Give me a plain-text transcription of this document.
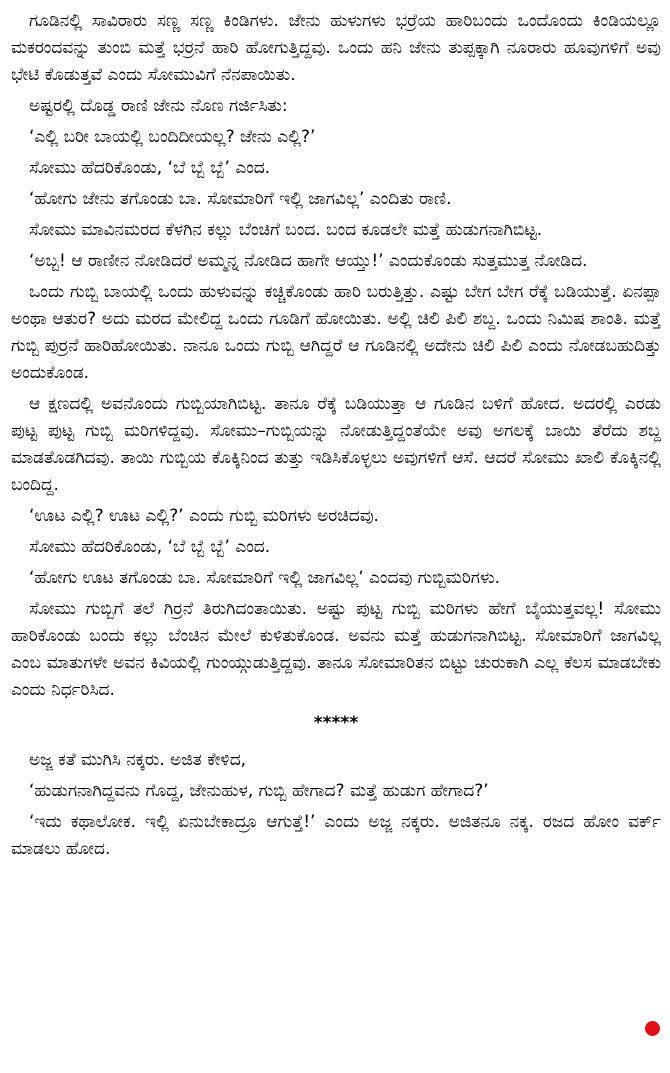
ಗೂಡಿನಲ್ಲಿ ಸಾವಿರಾರು ಸಣ್ಣ ಸಣ್ಣ ಕಿಂಡಿಗಳು. ಜೇನು ಹುಳುಗಳು ಭರ್ರೆಯ ಹಾರಿಬಂದು ಒಂದೊಂದು ಕಿಂಡಿಯಲ್ಲೂ ಮಕರಂದವನ್ನು ತುಂಬಿ ಮತ್ತೆ ಭರ್ರನೆ ಹಾರಿ ಹೋಗುತ್ತಿದ್ದವು. ಒಂದು ಹನಿ ಜೇನು ತುಪ್ಪಕ್ಕಾಗಿ ನೂರಾರು ಹೂವುಗಳಿಗೆ ಅವು ಭೇಟಿ ಕೊಡುತ್ತವೆ ಎಂದು ಸೋಮುವಿಗೆ ನೆನಪಾಯಿತು.

ಅಷ್ಟರಲ್ಲಿ ದೊಡ್ಡ ರಾಣಿ ಜೇನು ನೊಣ ಗರ್ಜಿಸಿತು:

‘ಎಲ್ಲಿ ಬರೀ ಬಾಯಲ್ಲಿ ಬಂದಿದೀಯಲ್ಲ? ಜೇನು ಎಲ್ಲಿ?’

ಸೋಮು ಹೆದರಿಕೊಂಡು, ‘ಬೆ ಬ್ಬೆ ಬ್ಬೆ’ ಎಂದ.

‘ಹೋಗು ಜೇನು ತಗೊಂಡು ಬಾ. ಸೋಮಾರಿಗೆ ಇಲ್ಲಿ ಜಾಗವಿಲ್ಲ’ ಎಂದಿತು ರಾಣಿ.

ಸೋಮು ಮಾವಿನಮರದ ಕೆಳಗಿನ ಕಲ್ಲು ಬೆಂಚಿಗೆ ಬಂದ. ಬಂದ ಕೂಡಲೇ ಮತ್ತೆ ಹುಡುಗನಾಗಿಬಿಟ್ಟ.

‘ಅಬ್ಬ! ಆ ರಾಣೀನ ನೋಡಿದರೆ ಅಮ್ಮನ್ನ ನೋಡಿದ ಹಾಗೇ ಆಯ್ತು!’ ಎಂದುಕೊಂಡು ಸುತ್ತಮುತ್ತ ನೋಡಿದ.

ಒಂದು ಗುಬ್ಬಿ ಬಾಯಲ್ಲಿ ಒಂದು ಹುಳುವನ್ನು ಕಚ್ಚಿಕೊಂಡು ಹಾರಿ ಬರುತ್ತಿತ್ತು. ಎಷ್ಟು ಬೇಗ ಬೇಗ ರೆಕ್ಕೆ ಬಡಿಯುತ್ತೆ. ಏನಪ್ಪಾ ಅಂಥಾ ಆತುರ? ಅದು ಮರದ ಮೇಲಿದ್ದ ಒಂದು ಗೂಡಿಗೆ ಹೋಯಿತು. ಅಲ್ಲಿ ಚಿಲಿ ಪಿಲಿ ಶಬ್ದ. ಒಂದು ನಿಮಿಷ ಶಾಂತಿ. ಮತ್ತೆ ಗುಬ್ಬಿ ಪುರ್ರನೆ ಹಾರಿಹೋಯಿತು. ನಾನೂ ಒಂದು ಗುಬ್ಬಿ ಆಗಿದ್ದರೆ ಆ ಗೂಡಿನಲ್ಲಿ ಅದೇನು ಚಿಲಿ ಪಿಲಿ ಎಂದು ನೋಡಬಹುದಿತ್ತು ಅಂದುಕೊಂಡ.

ಆ ಕ್ಷಣದಲ್ಲಿ ಅವನೊಂದು ಗುಬ್ಬಿಯಾಗಿಬಿಟ್ಟ. ತಾನೂ ರೆಕ್ಕೆ ಬಡಿಯುತ್ತಾ ಆ ಗೂಡಿನ ಬಳಿಗೆ ಹೋದ. ಅದರಲ್ಲಿ ಎರಡು ಪುಟ್ಟ ಪುಟ್ಟ ಗುಬ್ಬಿ ಮರಿಗಳಿದ್ದವು. ಸೋಮು–ಗುಬ್ಬಿಯನ್ನು ನೋಡುತ್ತಿದ್ದಂತೆಯೇ ಅವು ಅಗಲಕ್ಕೆ ಬಾಯಿ ತೆರೆದು ಶಬ್ದ ಮಾಡತೊಡಗಿದವು. ತಾಯಿ ಗುಬ್ಬಿಯ ಕೊಕ್ಕಿನಿಂದ ತುತ್ತು ಇಡಿಸಿಕೊಳ್ಳಲು ಅವುಗಳಿಗೆ ಆಸೆ. ಆದರೆ ಸೋಮು ಖಾಲಿ ಕೊಕ್ಕಿನಲ್ಲಿ ಬಂದಿದ್ದ.

‘ಊಟ ಎಲ್ಲಿ? ಊಟ ಎಲ್ಲಿ?’ ಎಂದು ಗುಬ್ಬಿ ಮರಿಗಳು ಅರಚಿದವು.

ಸೋಮು ಹೆದರಿಕೊಂಡು, ‘ಬೆ ಬ್ಬೆ ಬ್ಬೆ’ ಎಂದ.

‘ಹೋಗು ಊಟ ತಗೊಂಡು ಬಾ. ಸೋಮಾರಿಗೆ ಇಲ್ಲಿ ಜಾಗವಿಲ್ಲ’ ಎಂದವು ಗುಬ್ಬಿಮರಿಗಳು.

ಸೋಮು ಗುಬ್ಬಿಗೆ ತಲೆ ಗಿರ್ರನೆ ತಿರುಗಿದಂತಾಯಿತು. ಅಷ್ಟು ಪುಟ್ಟ ಗುಬ್ಬಿ ಮರಿಗಳು ಹೇಗೆ ಬೈಯುತ್ತವಲ್ಲ! ಸೋಮು ಹಾರಿಕೊಂಡು ಬಂದು ಕಲ್ಲು ಬೆಂಚಿನ ಮೇಲೆ ಕುಳಿತುಕೊಂಡ. ಅವನು ಮತ್ತೆ ಹುಡುಗನಾಗಿಬಿಟ್ಟ. ಸೋಮಾರಿಗೆ ಜಾಗವಿಲ್ಲ ಎಂಬ ಮಾತುಗಳೇ ಅವನ ಕಿವಿಯಲ್ಲಿ ಗುಂಯ್ಗುಡುತ್ತಿದ್ದವು. ತಾನೂ ಸೋಮಾರಿತನ ಬಿಟ್ಟು ಚುರುಕಾಗಿ ಎಲ್ಲ ಕೆಲಸ ಮಾಡಬೇಕು ಎಂದು ನಿರ್ಧರಿಸಿದ.

*****

ಅಜ್ಜ ಕತೆ ಮುಗಿಸಿ ನಕ್ಕರು. ಅಜಿತ ಕೇಳಿದ,

‘ಹುಡುಗನಾಗಿದ್ದವನು ಗೊದ್ದ, ಜೇನುಹುಳ, ಗುಬ್ಬಿ ಹೇಗಾದ? ಮತ್ತೆ ಹುಡುಗ ಹೇಗಾದ?’

‘ಇದು ಕಥಾಲೋಕ. ಇಲ್ಲಿ ಏನುಬೇಕಾದ್ರೂ ಆಗುತ್ತೆ!’ ಎಂದು ಅಜ್ಜ ನಕ್ಕರು. ಅಜಿತನೂ ನಕ್ಕ. ರಜದ ಹೋಂ ವರ್ಕ್ ಮಾಡಲು ಹೋದ.
